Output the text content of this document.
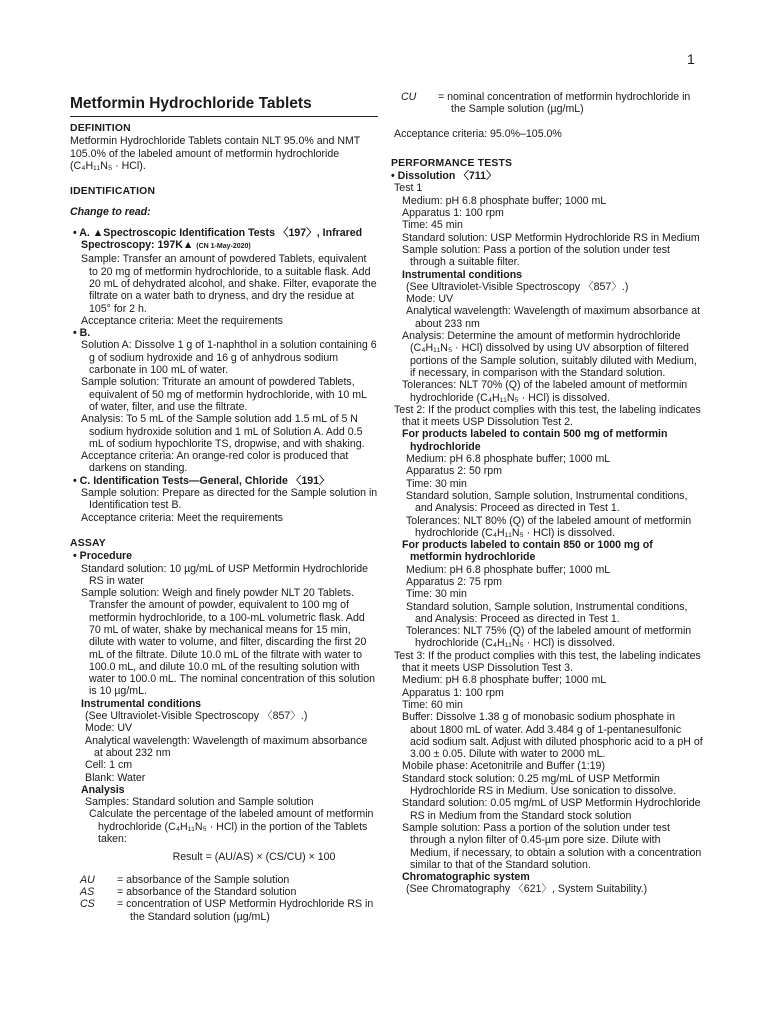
1
Metformin Hydrochloride Tablets
DEFINITION
Metformin Hydrochloride Tablets contain NLT 95.0% and NMT 105.0% of the labeled amount of metformin hydrochloride (C₄H₁₁N₅ · HCl).
IDENTIFICATION
Change to read:
• A. ▲Spectroscopic Identification Tests 〈197〉, Infrared Spectroscopy: 197K▲ (CN 1-May-2020)
Sample: Transfer an amount of powdered Tablets, equivalent to 20 mg of metformin hydrochloride, to a suitable flask. Add 20 mL of dehydrated alcohol, and shake. Filter, evaporate the filtrate on a water bath to dryness, and dry the residue at 105° for 2 h.
Acceptance criteria: Meet the requirements
• B.
Solution A: Dissolve 1 g of 1-naphthol in a solution containing 6 g of sodium hydroxide and 16 g of anhydrous sodium carbonate in 100 mL of water.
Sample solution: Triturate an amount of powdered Tablets, equivalent of 50 mg of metformin hydrochloride, with 10 mL of water, filter, and use the filtrate.
Analysis: To 5 mL of the Sample solution add 1.5 mL of 5 N sodium hydroxide solution and 1 mL of Solution A. Add 0.5 mL of sodium hypochlorite TS, dropwise, and with shaking.
Acceptance criteria: An orange-red color is produced that darkens on standing.
• C. Identification Tests—General, Chloride 〈191〉
Sample solution: Prepare as directed for the Sample solution in Identification test B.
Acceptance criteria: Meet the requirements
ASSAY
• Procedure
Standard solution: 10 µg/mL of USP Metformin Hydrochloride RS in water
Sample solution: Weigh and finely powder NLT 20 Tablets. Transfer the amount of powder, equivalent to 100 mg of metformin hydrochloride, to a 100-mL volumetric flask. Add 70 mL of water, shake by mechanical means for 15 min, dilute with water to volume, and filter, discarding the first 20 mL of the filtrate. Dilute 10.0 mL of the filtrate with water to 100.0 mL, and dilute 10.0 mL of the resulting solution with water to 100.0 mL. The nominal concentration of this solution is 10 µg/mL.
Instrumental conditions
(See Ultraviolet-Visible Spectroscopy 〈857〉.)
Mode: UV
Analytical wavelength: Wavelength of maximum absorbance at about 232 nm
Cell: 1 cm
Blank: Water
Analysis
Samples: Standard solution and Sample solution
Calculate the percentage of the labeled amount of metformin hydrochloride (C₄H₁₁N₅ · HCl) in the portion of the Tablets taken:
Result = (AU/AS) × (CS/CU) × 100
AU	= absorbance of the Sample solution
AS	= absorbance of the Standard solution
CS	= concentration of USP Metformin Hydrochloride RS in the Standard solution (µg/mL)
CU	= nominal concentration of metformin hydrochloride in the Sample solution (µg/mL)
Acceptance criteria: 95.0%–105.0%
PERFORMANCE TESTS
• Dissolution 〈711〉
Test 1
Medium: pH 6.8 phosphate buffer; 1000 mL
Apparatus 1: 100 rpm
Time: 45 min
Standard solution: USP Metformin Hydrochloride RS in Medium
Sample solution: Pass a portion of the solution under test through a suitable filter.
Instrumental conditions
(See Ultraviolet-Visible Spectroscopy 〈857〉.)
Mode: UV
Analytical wavelength: Wavelength of maximum absorbance at about 233 nm
Analysis: Determine the amount of metformin hydrochloride (C₄H₁₁N₅ · HCl) dissolved by using UV absorption of filtered portions of the Sample solution, suitably diluted with Medium, if necessary, in comparison with the Standard solution.
Tolerances: NLT 70% (Q) of the labeled amount of metformin hydrochloride (C₄H₁₁N₅ · HCl) is dissolved.
Test 2: If the product complies with this test, the labeling indicates that it meets USP Dissolution Test 2.
For products labeled to contain 500 mg of metformin hydrochloride
Medium: pH 6.8 phosphate buffer; 1000 mL
Apparatus 2: 50 rpm
Time: 30 min
Standard solution, Sample solution, Instrumental conditions, and Analysis: Proceed as directed in Test 1.
Tolerances: NLT 80% (Q) of the labeled amount of metformin hydrochloride (C₄H₁₁N₅ · HCl) is dissolved.
For products labeled to contain 850 or 1000 mg of metformin hydrochloride
Medium: pH 6.8 phosphate buffer; 1000 mL
Apparatus 2: 75 rpm
Time: 30 min
Standard solution, Sample solution, Instrumental conditions, and Analysis: Proceed as directed in Test 1.
Tolerances: NLT 75% (Q) of the labeled amount of metformin hydrochloride (C₄H₁₁N₅ · HCl) is dissolved.
Test 3: If the product complies with this test, the labeling indicates that it meets USP Dissolution Test 3.
Medium: pH 6.8 phosphate buffer; 1000 mL
Apparatus 1: 100 rpm
Time: 60 min
Buffer: Dissolve 1.38 g of monobasic sodium phosphate in about 1800 mL of water. Add 3.484 g of 1-pentanesulfonic acid sodium salt. Adjust with diluted phosphoric acid to a pH of 3.00 ± 0.05. Dilute with water to 2000 mL.
Mobile phase: Acetonitrile and Buffer (1:19)
Standard stock solution: 0.25 mg/mL of USP Metformin Hydrochloride RS in Medium. Use sonication to dissolve.
Standard solution: 0.05 mg/mL of USP Metformin Hydrochloride RS in Medium from the Standard stock solution
Sample solution: Pass a portion of the solution under test through a nylon filter of 0.45-µm pore size. Dilute with Medium, if necessary, to obtain a solution with a concentration similar to that of the Standard solution.
Chromatographic system
(See Chromatography 〈621〉, System Suitability.)
